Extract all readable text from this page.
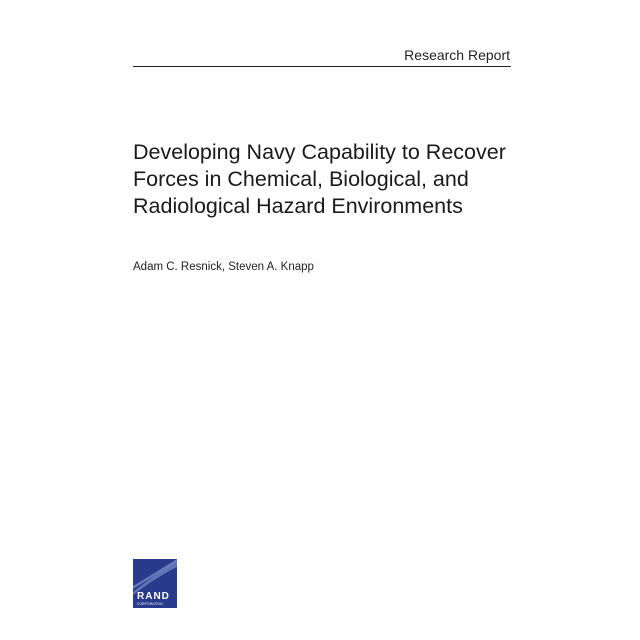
Research Report
Developing Navy Capability to Recover
Forces in Chemical, Biological, and
Radiological Hazard Environments
Adam C. Resnick, Steven A. Knapp
RAND
CORPORATION
